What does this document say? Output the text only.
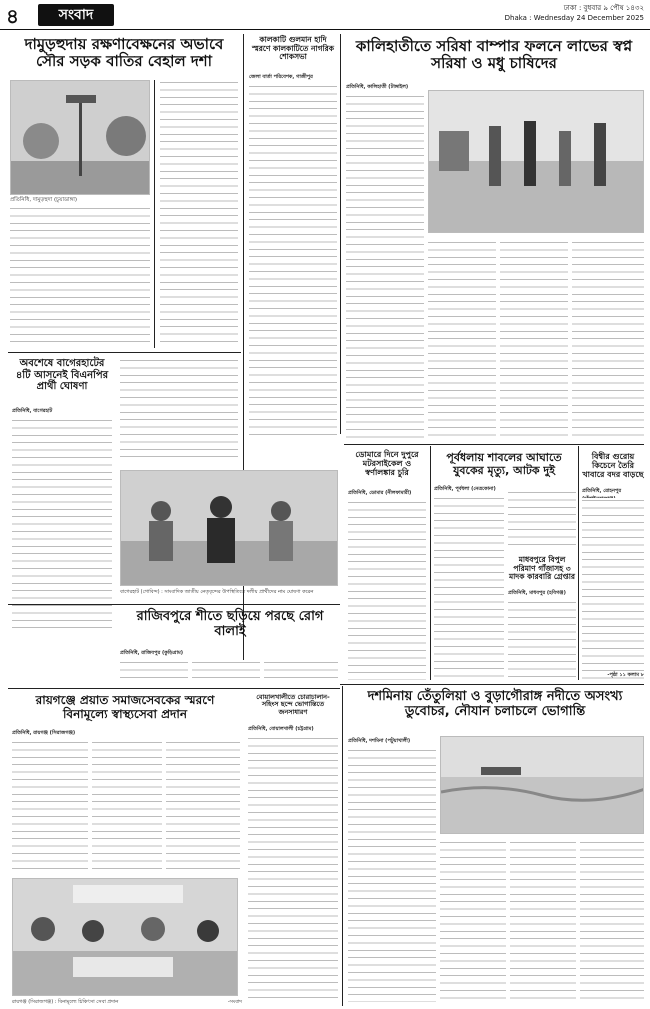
৪	সংবাদ	ঢাকা : বুধবার ৯ পৌষ ১৪৩২
Dhaka : Wednesday 24 December 2025
দামুড়হুদায় রক্ষণাবেক্ষনের অভাবে সৌর সড়ক বাতির বেহাল দশা
প্রতিনিধি, দামুড়হুদা (চুয়াডাঙ্গা)
কালকাটি গুলমান হাদি স্মরণে কালকাটিতে নাগরিক শোকসভা
জেলা বার্তা পরিবেশক, গাজীপুর
কালিহাতীতে সরিষা বাম্পার ফলনে লাভের স্বপ্ন সরিষা ও মধু চাষিদের
প্রতিনিধি, কালিহাতী (টাঙ্গাইল)
অবশেষে বাগেরহাটের ৪টি আসনেই বিএনপির প্রার্থী ঘোষণা
প্রতিনিধি, বাগেরহাট
বাগেরহাট (গোবিন্দ) : সাংবাদিক জাতীয় নেতৃবৃন্দের উপস্থিতিতে দলীয় প্রার্থীদের নাম ঘোষণা করেন
ডোমারে দিনে দুপুরে মটরসাইকেল ও স্বর্ণালঙ্কার চুরি
প্রতিনিধি, ডোমার (নীলফামারী)
পূর্বধলায় শাবলের আঘাতে যুবকের মৃত্যু, আটক দুই
প্রতিনিধি, পূর্বধলা (নেত্রকোনা)
বিশ্বীর গুরোয় কিচেনে তৈরি খাবারে বদর বাড়ছে
প্রতিনিধি, রোহনপুর
মাধবপুরে বিপুল পরিমাণ গাঁজাসহ ৩ মাদক কারবারি গ্রেপ্তার
প্রতিনিধি, মাধবপুর (হবিগঞ্জ)
রাজিবপুরে শীতে ছড়িয়ে পরছে রোগ বালাই
প্রতিনিধি, রাজিবপুর (কুড়িগ্রাম)
রায়গঞ্জে প্রয়াত সমাজসেবকের স্মরণে বিনামূল্যে স্বাস্থ্যসেবা প্রদান
প্রতিনিধি, রায়গঞ্জ (সিরাজগঞ্জ)
রায়গঞ্জ (সিরাজগঞ্জ) : বিনামূল্যে চিকিৎসা সেবা প্রদান	-সংবাদ
বোয়ালখালীতে চোরাচালান-সহিংস ছন্দে ভোগান্তিতে জনসাধারণ
প্রতিনিধি, বোয়ালখালী (চট্টগ্রাম)
দশমিনায় তেঁতুলিয়া ও বুড়াগৌরাঙ্গ নদীতে অসংখ্য ডুবোচর, নৌযান চলাচলে ভোগান্তি
প্রতিনিধি, দশমিনা (পটুয়াখালী)
-পৃষ্ঠা ১১ কলাম ৮
